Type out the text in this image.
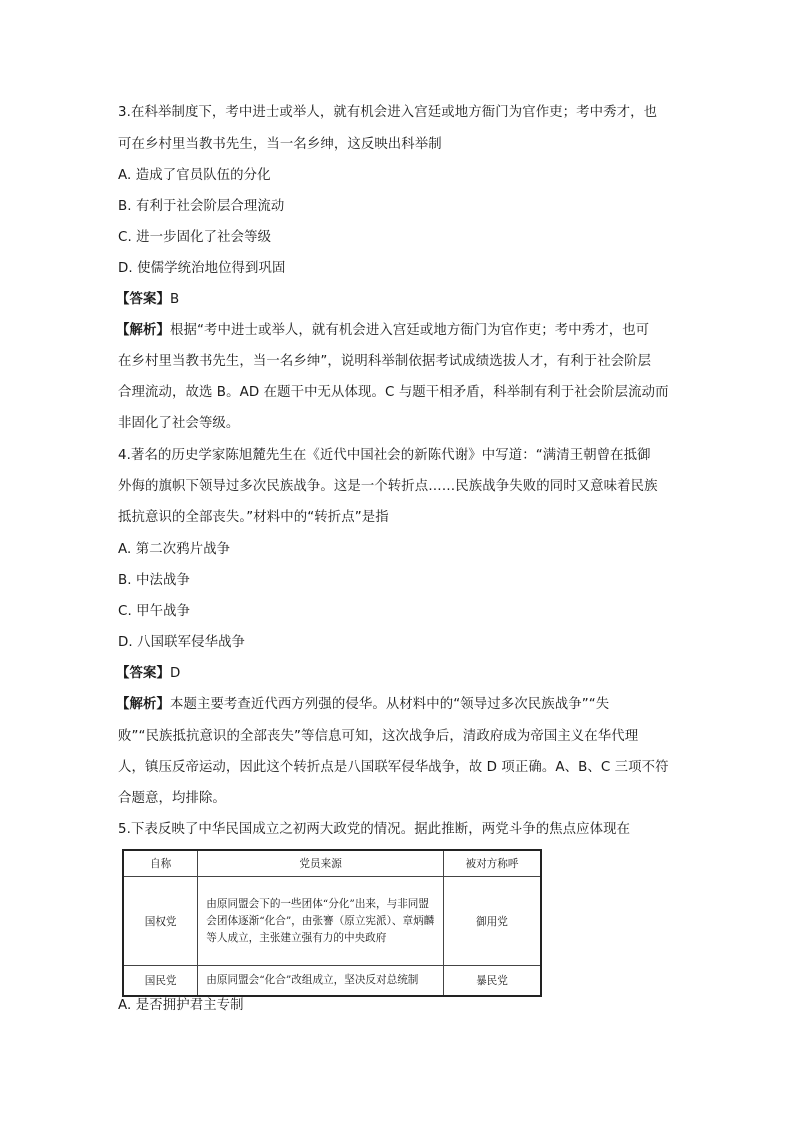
3.在科举制度下，考中进士或举人，就有机会进入宫廷或地方衙门为官作吏；考中秀才，也
可在乡村里当教书先生，当一名乡绅，这反映出科举制
A. 造成了官员队伍的分化
B. 有利于社会阶层合理流动
C. 进一步固化了社会等级
D. 使儒学统治地位得到巩固
【答案】B
【解析】根据“考中进士或举人，就有机会进入宫廷或地方衙门为官作吏；考中秀才，也可
在乡村里当教书先生，当一名乡绅”，说明科举制依据考试成绩选拔人才，有利于社会阶层
合理流动，故选 B。AD 在题干中无从体现。C 与题干相矛盾，科举制有利于社会阶层流动而
非固化了社会等级。
4.著名的历史学家陈旭麓先生在《近代中国社会的新陈代谢》中写道：“满清王朝曾在抵御
外侮的旗帜下领导过多次民族战争。这是一个转折点……民族战争失败的同时又意味着民族
抵抗意识的全部丧失。”材料中的“转折点”是指
A. 第二次鸦片战争
B. 中法战争
C. 甲午战争
D. 八国联军侵华战争
【答案】D
【解析】本题主要考查近代西方列强的侵华。从材料中的“领导过多次民族战争”“失
败”“民族抵抗意识的全部丧失”等信息可知，这次战争后，清政府成为帝国主义在华代理
人，镇压反帝运动，因此这个转折点是八国联军侵华战争，故 D 项正确。A、B、C 三项不符
合题意，均排除。
5.下表反映了中华民国成立之初两大政党的情况。据此推断，两党斗争的焦点应体现在
自称	党员来源	被对方称呼
国权党	由原同盟会下的一些团体“分化”出来，与非同盟会团体逐渐“化合”，由张謇（原立宪派）、章炳麟等人成立，主张建立强有力的中央政府	御用党
国民党	由原同盟会“化合”改组成立，坚决反对总统制	暴民党
A. 是否拥护君主专制
